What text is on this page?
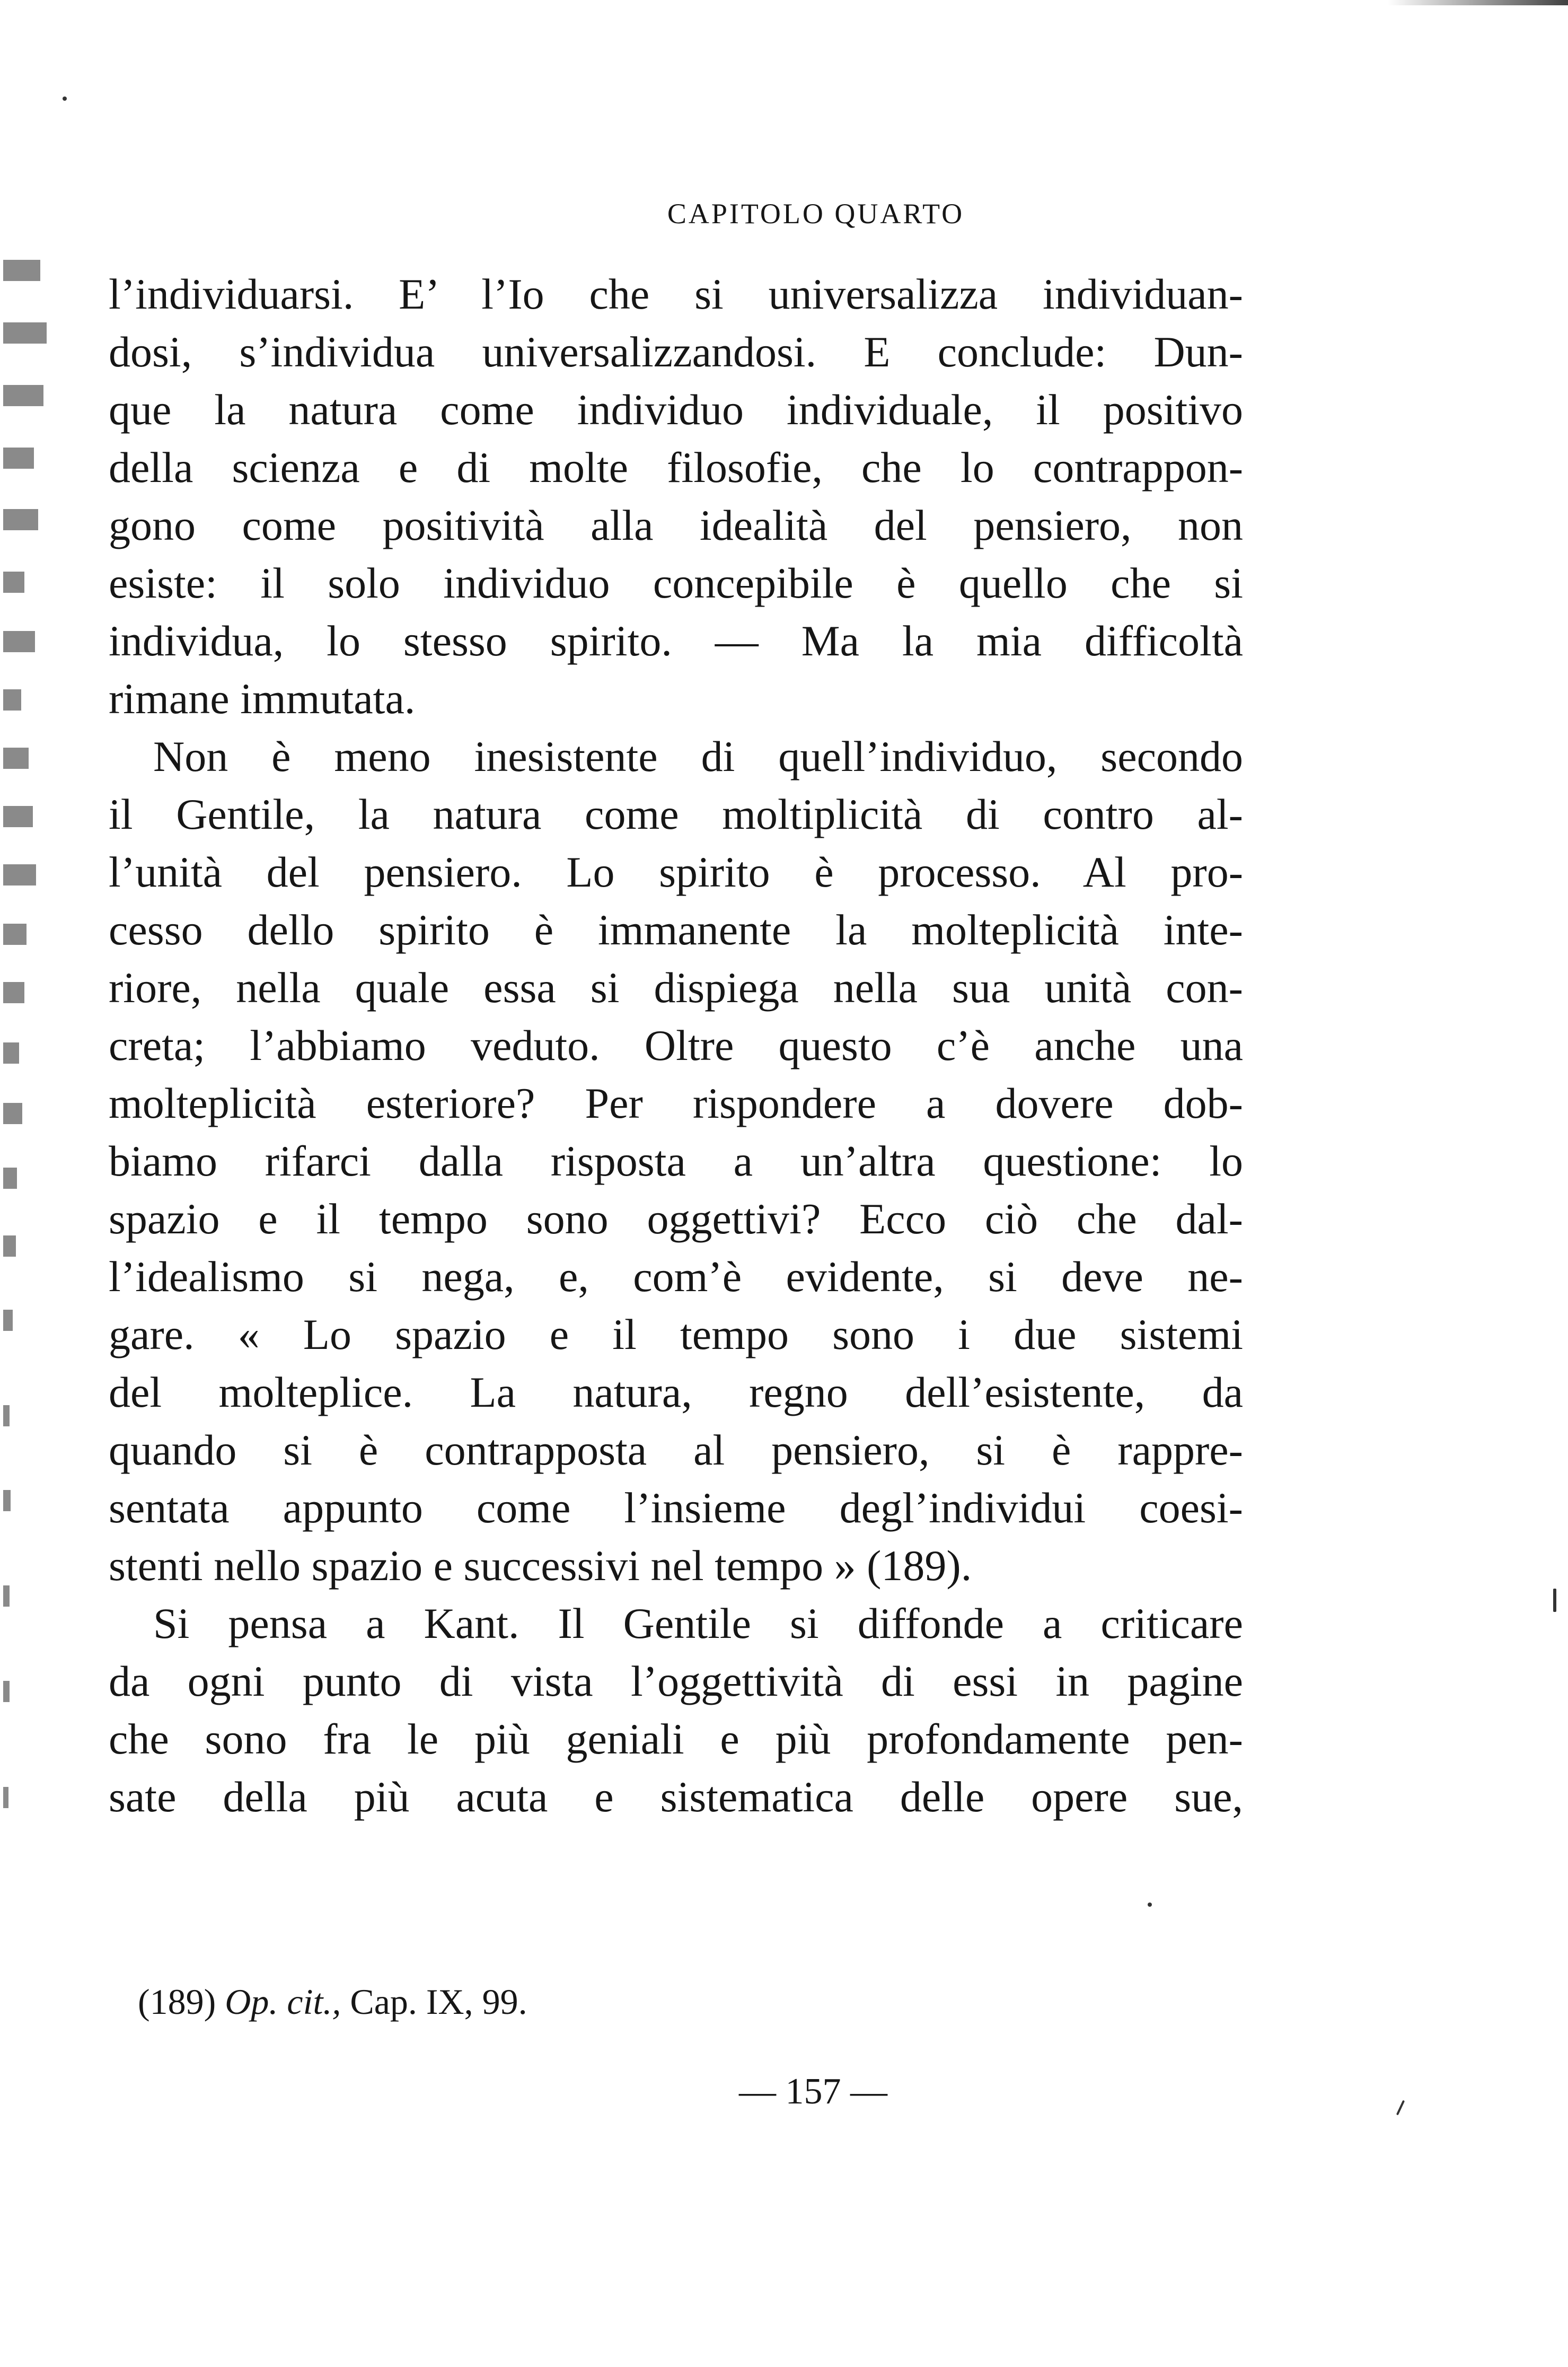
CAPITOLO QUARTO
l’individuarsi. E’ l’Io che si universalizza individuan-
dosi, s’individua universalizzandosi. E conclude: Dun-
que la natura come individuo individuale, il positivo
della scienza e di molte filosofie, che lo contrappon-
gono come positività alla idealità del pensiero, non
esiste: il solo individuo concepibile è quello che si
individua, lo stesso spirito. — Ma la mia difficoltà
rimane immutata.
Non è meno inesistente di quell’individuo, secondo
il Gentile, la natura come moltiplicità di contro al-
l’unità del pensiero. Lo spirito è processo. Al pro-
cesso dello spirito è immanente la molteplicità inte-
riore, nella quale essa si dispiega nella sua unità con-
creta; l’abbiamo veduto. Oltre questo c’è anche una
molteplicità esteriore? Per rispondere a dovere dob-
biamo rifarci dalla risposta a un’altra questione: lo
spazio e il tempo sono oggettivi? Ecco ciò che dal-
l’idealismo si nega, e, com’è evidente, si deve ne-
gare. « Lo spazio e il tempo sono i due sistemi
del molteplice. La natura, regno dell’esistente, da
quando si è contrapposta al pensiero, si è rappre-
sentata appunto come l’insieme degl’individui coesi-
stenti nello spazio e successivi nel tempo » (189).
Si pensa a Kant. Il Gentile si diffonde a criticare
da ogni punto di vista l’oggettività di essi in pagine
che sono fra le più geniali e più profondamente pen-
sate della più acuta e sistematica delle opere sue,
(189) Op. cit., Cap. IX, 99.
— 157 —
